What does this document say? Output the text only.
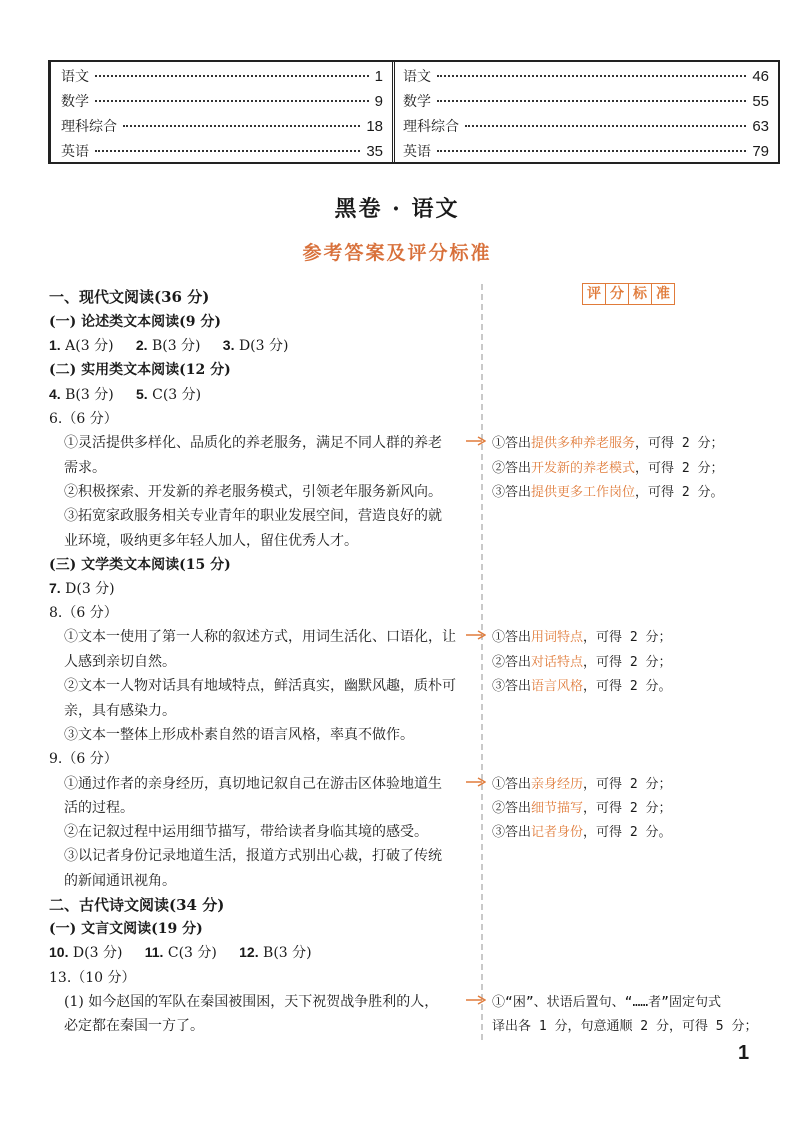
语文	1
数学	9
理科综合	18
英语	35
语文	46
数学	55
理科综合	63
英语	79
黑卷 · 语文
参考答案及评分标准
评 分 标 准
一、现代文阅读(36 分)
(一) 论述类文本阅读(9 分)
1. A(3 分) 2. B(3 分) 3. D(3 分)
(二) 实用类文本阅读(12 分)
4. B(3 分) 5. C(3 分)
6.（6 分）
①灵活提供多样化、品质化的养老服务，满足不同人群的养老
需求。
②积极探索、开发新的养老服务模式，引领老年服务新风向。
③拓宽家政服务相关专业青年的职业发展空间，营造良好的就
业环境，吸纳更多年轻人加人，留住优秀人才。
(三) 文学类文本阅读(15 分)
7. D(3 分)
8.（6 分）
①文本一使用了第一人称的叙述方式，用词生活化、口语化，让
人感到亲切自然。
②文本一人物对话具有地域特点，鲜活真实，幽默风趣，质朴可
亲，具有感染力。
③文本一整体上形成朴素自然的语言风格，率真不做作。
9.（6 分）
①通过作者的亲身经历，真切地记叙自己在游击区体验地道生
活的过程。
②在记叙过程中运用细节描写，带给读者身临其境的感受。
③以记者身份记录地道生活，报道方式别出心裁，打破了传统
的新闻通讯视角。
二、古代诗文阅读(34 分)
(一) 文言文阅读(19 分)
10. D(3 分) 11. C(3 分) 12. B(3 分)
13.（10 分）
(1) 如今赵国的军队在秦国被围困，天下祝贺战争胜利的人，
必定都在秦国一方了。
①答出提供多种养老服务，可得 2 分；
②答出开发新的养老模式，可得 2 分；
③答出提供更多工作岗位，可得 2 分。
①答出用词特点，可得 2 分；
②答出对话特点，可得 2 分；
③答出语言风格，可得 2 分。
①答出亲身经历，可得 2 分；
②答出细节描写，可得 2 分；
③答出记者身份，可得 2 分。
①“困”、状语后置句、“……者”固定句式
译出各 1 分，句意通顺 2 分，可得 5 分；
1
